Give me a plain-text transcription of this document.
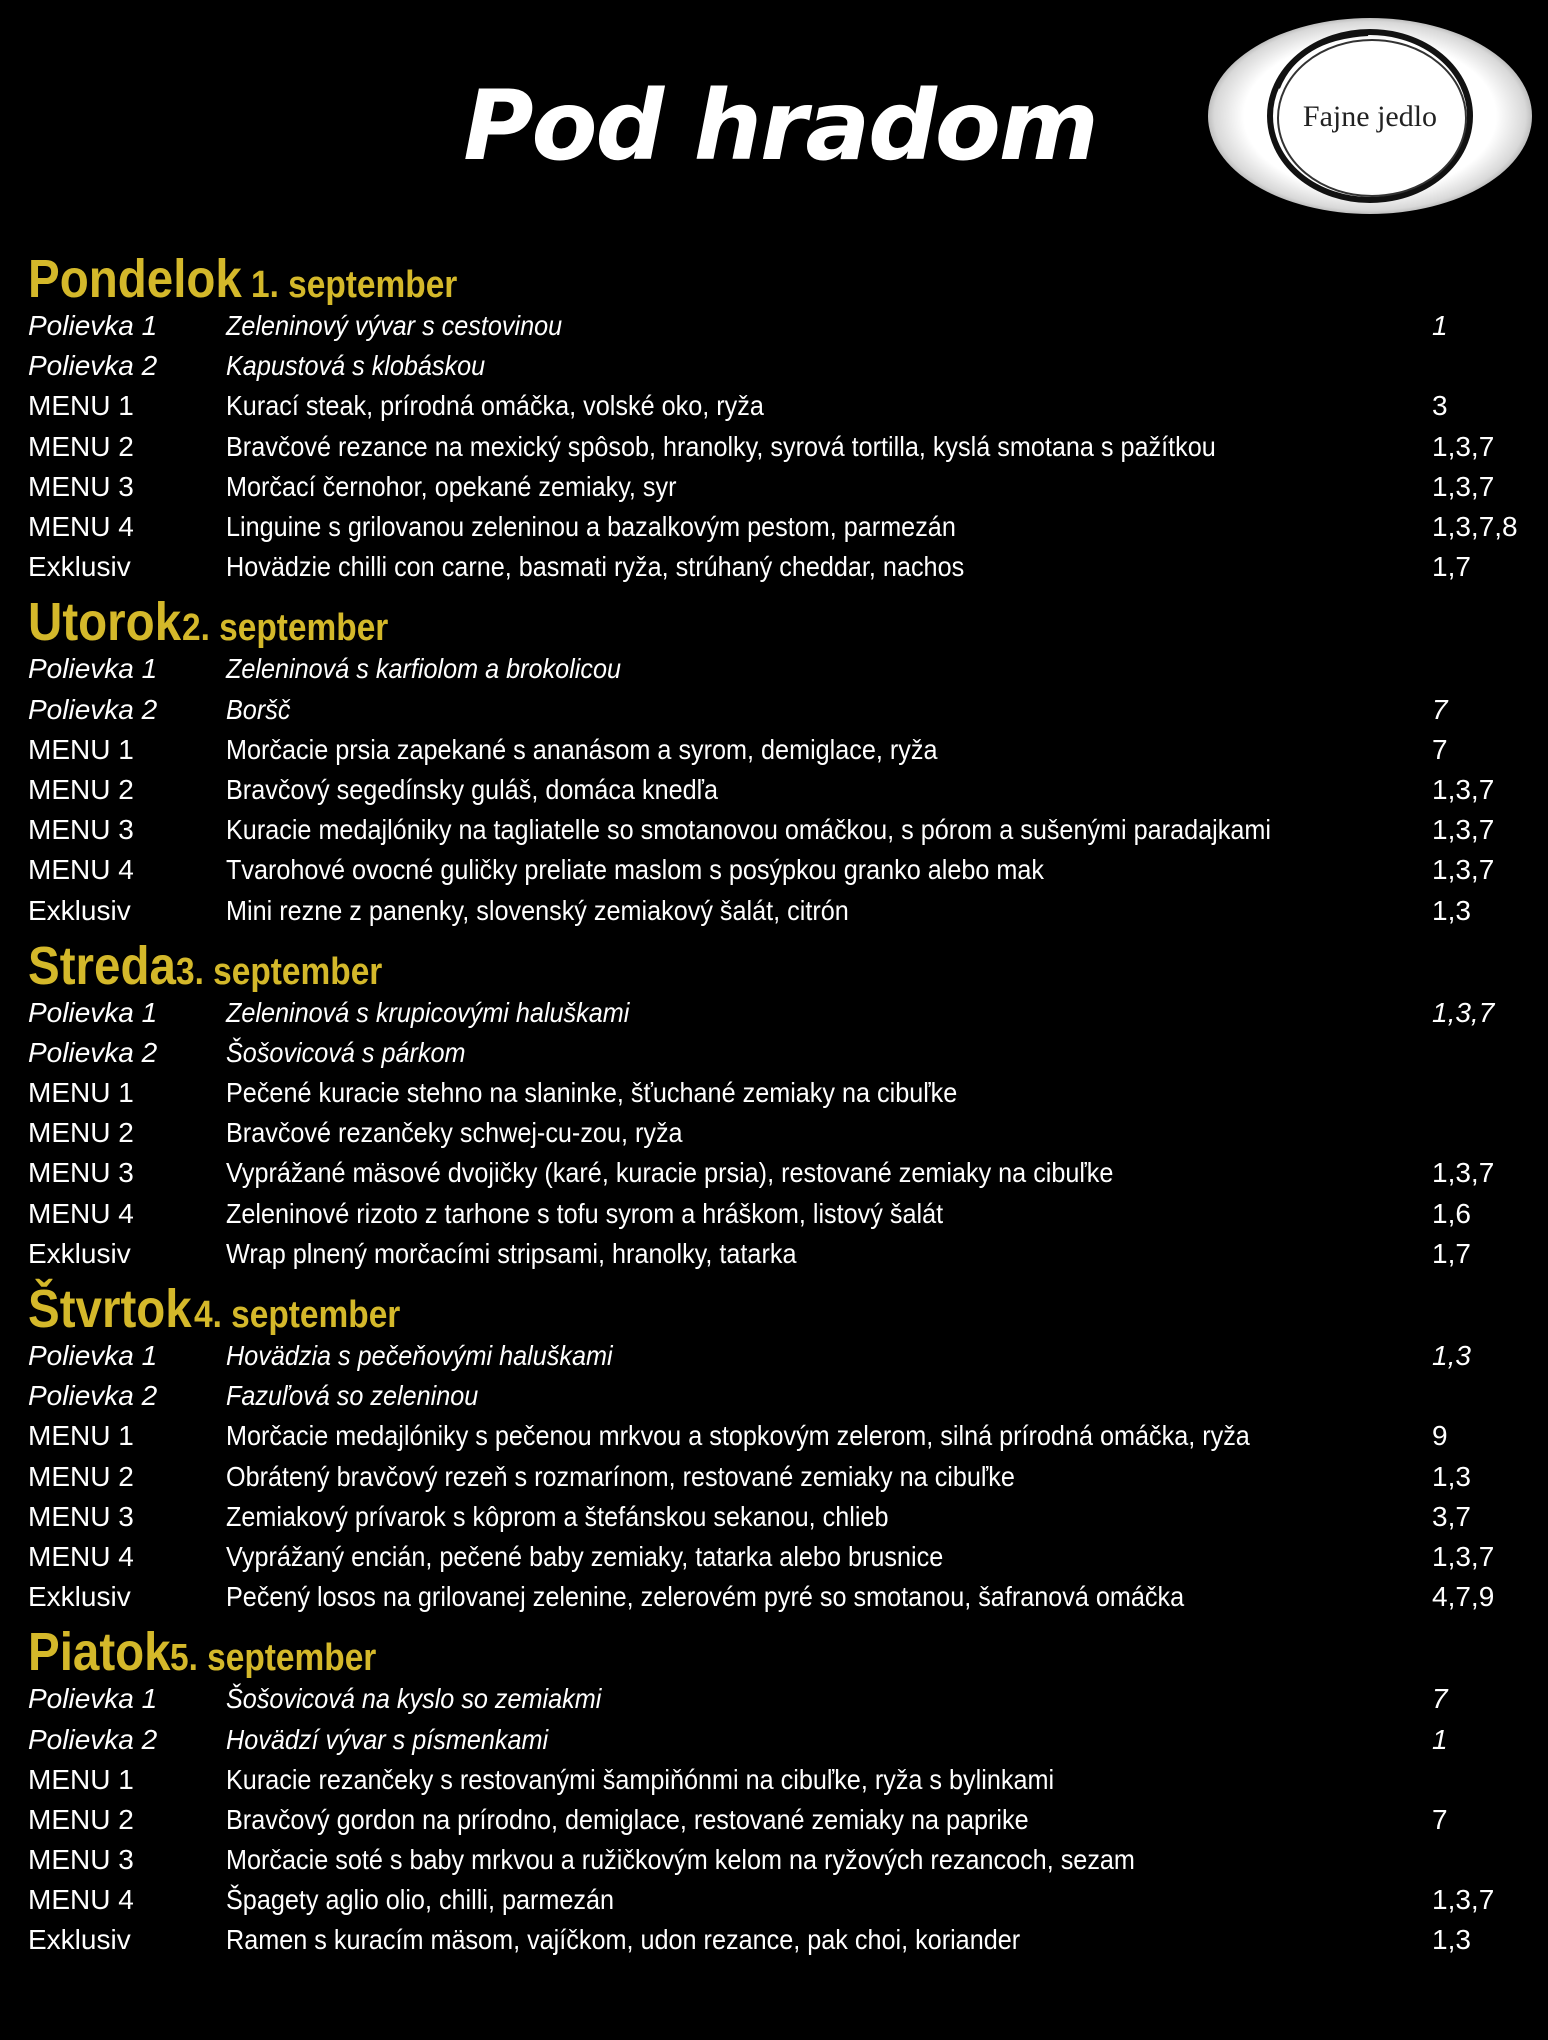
Pod hradom	Fajne jedlo
Pondelok 1. september
Polievka 1	Zeleninový vývar s cestovinou	1
Polievka 2	Kapustová s klobáskou
MENU 1	Kurací steak, prírodná omáčka, volské oko, ryža	3
MENU 2	Bravčové rezance na mexický spôsob, hranolky, syrová tortilla, kyslá smotana s pažítkou	1,3,7
MENU 3	Morčací černohor, opekané zemiaky, syr	1,3,7
MENU 4	Linguine s grilovanou zeleninou a bazalkovým pestom, parmezán	1,3,7,8
Exklusiv	Hovädzie chilli con carne, basmati ryža, strúhaný cheddar, nachos	1,7
Utorok 2. september
Polievka 1	Zeleninová s karfiolom a brokolicou
Polievka 2	Boršč	7
MENU 1	Morčacie prsia zapekané s ananásom a syrom, demiglace, ryža	7
MENU 2	Bravčový segedínsky guláš, domáca knedľa	1,3,7
MENU 3	Kuracie medajlóniky na tagliatelle so smotanovou omáčkou, s pórom a sušenými paradajkami	1,3,7
MENU 4	Tvarohové ovocné guličky preliate maslom s posýpkou granko alebo mak	1,3,7
Exklusiv	Mini rezne z panenky, slovenský zemiakový šalát, citrón	1,3
Streda 3. september
Polievka 1	Zeleninová s krupicovými haluškami	1,3,7
Polievka 2	Šošovicová s párkom
MENU 1	Pečené kuracie stehno na slaninke, šťuchané zemiaky na cibuľke
MENU 2	Bravčové rezančeky schwej-cu-zou, ryža
MENU 3	Vyprážané mäsové dvojičky (karé, kuracie prsia), restované zemiaky na cibuľke	1,3,7
MENU 4	Zeleninové rizoto z tarhone s tofu syrom a hráškom, listový šalát	1,6
Exklusiv	Wrap plnený morčacími stripsami, hranolky, tatarka	1,7
Štvrtok 4. september
Polievka 1	Hovädzia s pečeňovými haluškami	1,3
Polievka 2	Fazuľová so zeleninou
MENU 1	Morčacie medajlóniky s pečenou mrkvou a stopkovým zelerom, silná prírodná omáčka, ryža	9
MENU 2	Obrátený bravčový rezeň s rozmarínom, restované zemiaky na cibuľke	1,3
MENU 3	Zemiakový prívarok s kôprom a štefánskou sekanou, chlieb	3,7
MENU 4	Vyprážaný encián, pečené baby zemiaky, tatarka alebo brusnice	1,3,7
Exklusiv	Pečený losos na grilovanej zelenine, zelerovém pyré so smotanou, šafranová omáčka	4,7,9
Piatok 5. september
Polievka 1	Šošovicová na kyslo so zemiakmi	7
Polievka 2	Hovädzí vývar s písmenkami	1
MENU 1	Kuracie rezančeky s restovanými šampiňónmi na cibuľke, ryža s bylinkami
MENU 2	Bravčový gordon na prírodno, demiglace, restované zemiaky na paprike	7
MENU 3	Morčacie soté s baby mrkvou a ružičkovým kelom na ryžových rezancoch, sezam
MENU 4	Špagety aglio olio, chilli, parmezán	1,3,7
Exklusiv	Ramen s kuracím mäsom, vajíčkom, udon rezance, pak choi, koriander	1,3
